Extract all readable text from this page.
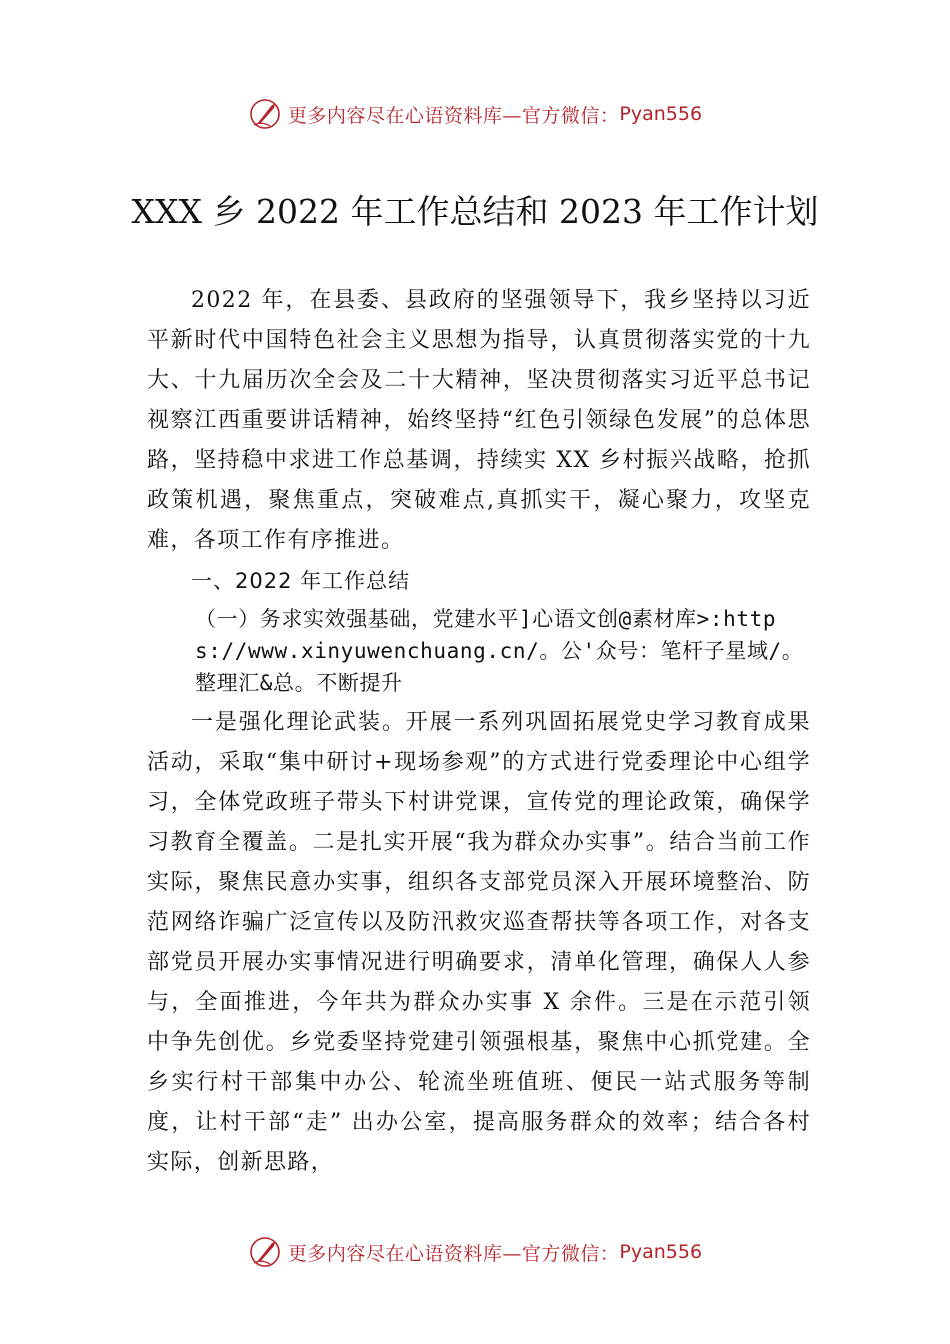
更多内容尽在心语资料库—官方微信： Pyan556
XXX 乡 2022 年工作总结和 2023 年工作计划

2022 年，在县委、县政府的坚强领导下，我乡坚持以习近平新时代中国特色社会主义思想为指导，认真贯彻落实党的十九大、十九届历次全会及二十大精神，坚决贯彻落实习近平总书记视察江西重要讲话精神，始终坚持“红色引领绿色发展”的总体思路，坚持稳中求进工作总基调，持续实 XX 乡村振兴战略，抢抓政策机遇，聚焦重点，突破难点,真抓实干，凝心聚力，攻坚克难，各项工作有序推进。

一、2022 年工作总结

（一）务求实效强基础，党建水平]心语文创@素材库>:https://www.xinyuwenchuang.cn/。公'众号：笔杆子星域/。整理汇&总。不断提升

一是强化理论武装。开展一系列巩固拓展党史学习教育成果活动，采取“集中研讨+现场参观”的方式进行党委理论中心组学习，全体党政班子带头下村讲党课，宣传党的理论政策，确保学习教育全覆盖。二是扎实开展“我为群众办实事”。结合当前工作实际，聚焦民意办实事，组织各支部党员深入开展环境整治、防范网络诈骗广泛宣传以及防汛救灾巡查帮扶等各项工作，对各支部党员开展办实事情况进行明确要求，清单化管理，确保人人参与，全面推进，今年共为群众办实事 X 余件。三是在示范引领中争先创优。乡党委坚持党建引领强根基，聚焦中心抓党建。全乡实行村干部集中办公、轮流坐班值班、便民一站式服务等制度，让村干部“走” 出办公室，提高服务群众的效率；结合各村实际，创新思路，

更多内容尽在心语资料库—官方微信： Pyan556
